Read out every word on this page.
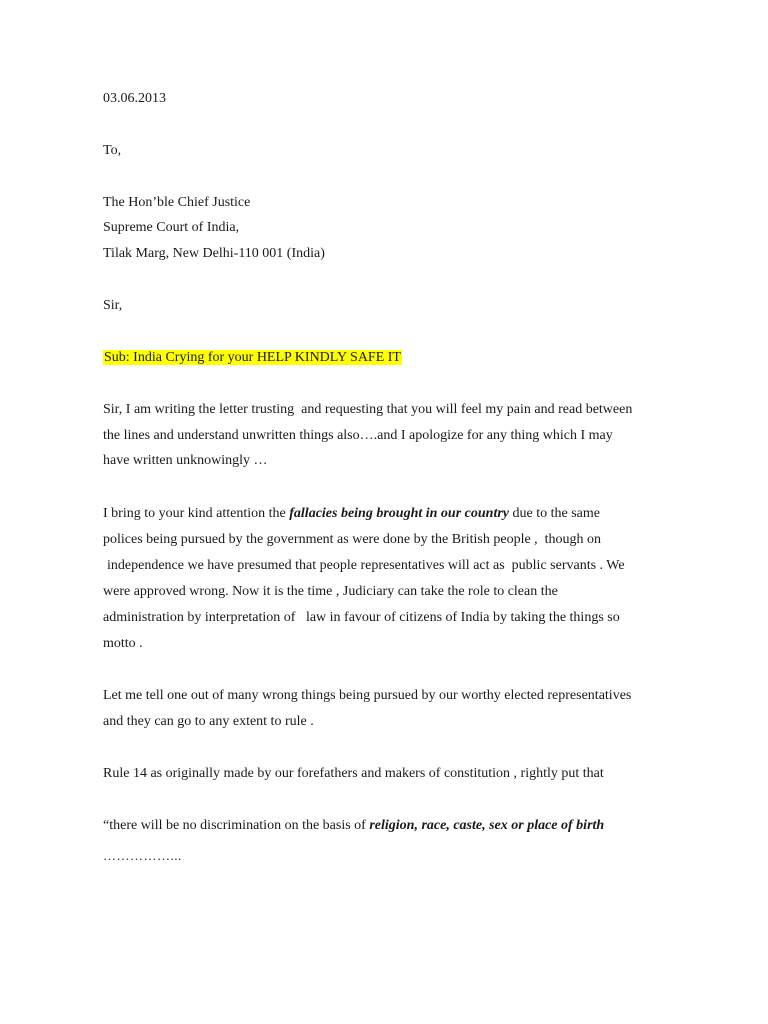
03.06.2013
To,
The Hon’ble Chief Justice
Supreme Court of India,
Tilak Marg, New Delhi-110 001 (India)
Sir,
Sub: India Crying for your HELP KINDLY SAFE IT
Sir, I am writing the letter trusting  and requesting that you will feel my pain and read between
the lines and understand unwritten things also….and I apologize for any thing which I may
have written unknowingly …
I bring to your kind attention the fallacies being brought in our country due to the same
polices being pursued by the government as were done by the British people ,  though on
independence we have presumed that people representatives will act as  public servants . We
were approved wrong. Now it is the time , Judiciary can take the role to clean the
administration by interpretation of   law in favour of citizens of India by taking the things so
motto .
Let me tell one out of many wrong things being pursued by our worthy elected representatives
and they can go to any extent to rule .
Rule 14 as originally made by our forefathers and makers of constitution , rightly put that
“there will be no discrimination on the basis of religion, race, caste, sex or place of birth
……………...
